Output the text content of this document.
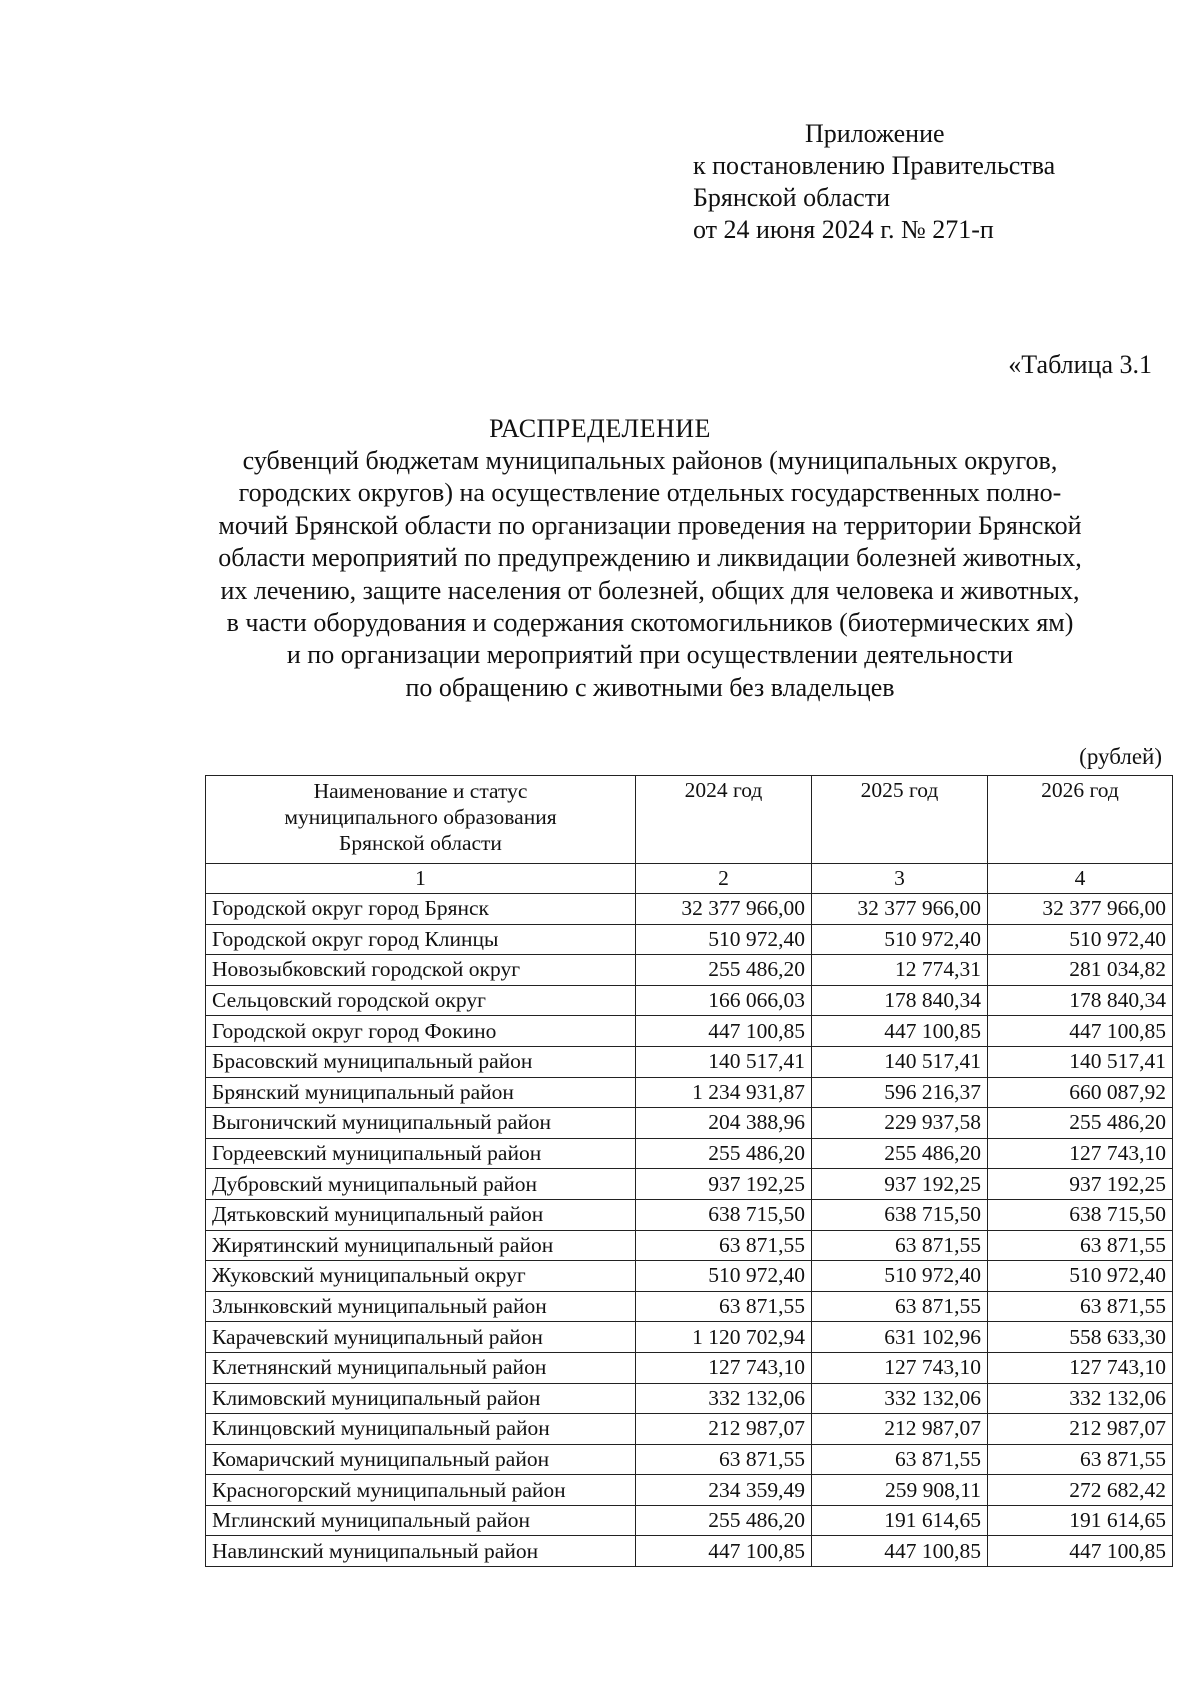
Приложение
к постановлению Правительства
Брянской области
от 24 июня 2024 г. № 271-п
«Таблица 3.1
РАСПРЕДЕЛЕНИЕ
субвенций бюджетам муниципальных районов (муниципальных округов,
городских округов) на осуществление отдельных государственных полно-
мочий Брянской области по организации проведения на территории Брянской
области мероприятий по предупреждению и ликвидации болезней животных,
их лечению, защите населения от болезней, общих для человека и животных,
в части оборудования и содержания скотомогильников (биотермических ям)
и по организации мероприятий при осуществлении деятельности
по обращению с животными без владельцев
(рублей)
Наименование и статус
муниципального образования
Брянской области	2024 год	2025 год	2026 год
1	2	3	4
Городской округ город Брянск	32 377 966,00	32 377 966,00	32 377 966,00
Городской округ город Клинцы	510 972,40	510 972,40	510 972,40
Новозыбковский городской округ	255 486,20	12 774,31	281 034,82
Сельцовский городской округ	166 066,03	178 840,34	178 840,34
Городской округ город Фокино	447 100,85	447 100,85	447 100,85
Брасовский муниципальный район	140 517,41	140 517,41	140 517,41
Брянский муниципальный район	1 234 931,87	596 216,37	660 087,92
Выгоничский муниципальный район	204 388,96	229 937,58	255 486,20
Гордеевский муниципальный район	255 486,20	255 486,20	127 743,10
Дубровский муниципальный район	937 192,25	937 192,25	937 192,25
Дятьковский муниципальный район	638 715,50	638 715,50	638 715,50
Жирятинский муниципальный район	63 871,55	63 871,55	63 871,55
Жуковский муниципальный округ	510 972,40	510 972,40	510 972,40
Злынковский муниципальный район	63 871,55	63 871,55	63 871,55
Карачевский муниципальный район	1 120 702,94	631 102,96	558 633,30
Клетнянский муниципальный район	127 743,10	127 743,10	127 743,10
Климовский муниципальный район	332 132,06	332 132,06	332 132,06
Клинцовский муниципальный район	212 987,07	212 987,07	212 987,07
Комаричский муниципальный район	63 871,55	63 871,55	63 871,55
Красногорский муниципальный район	234 359,49	259 908,11	272 682,42
Мглинский муниципальный район	255 486,20	191 614,65	191 614,65
Навлинский муниципальный район	447 100,85	447 100,85	447 100,85
